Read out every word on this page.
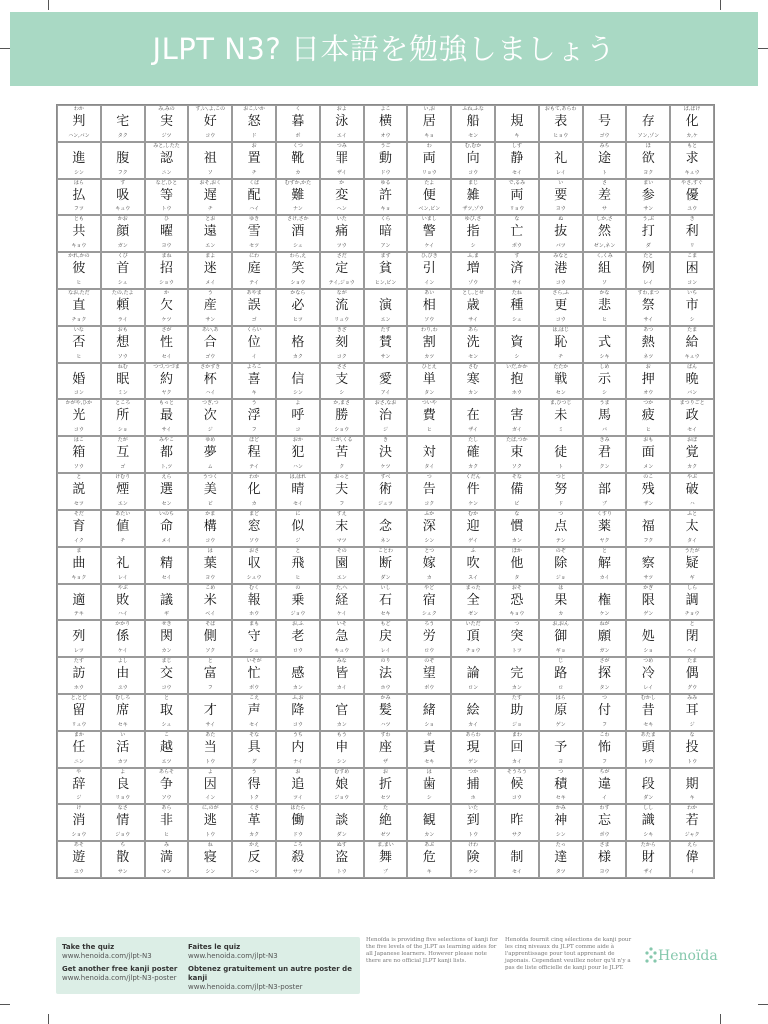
JLPT N3? 日本語を勉強しましょう
わか
判
ハン,バン
宅
タク
み,みの
実
ジツ
す,い,よ,この
好
コウ
おこ,いか
怒
ド
く
暮
ボ
およ
泳
エイ
よこ
横
オウ
い,お
居
キョ
ふね,ふな
船
セン
規
キ
おもて,あらわ
表
ヒョウ
号
ゴウ
存
ソン,ゾン
ば,ばけ
化
カ,ケ
進
シン
腹
フク
みと,したた
認
ニン
祖
ソ
お
置
チ
くつ
靴
カ
つみ
罪
ザイ
うご
動
ドウ
わ
両
リョウ
む,むか
向
コウ
しず
静
セイ
礼
レイ
みち
途
ト
ほ
欲
ヨク
もと
求
キュウ
はら
払
フツ
す
吸
キュウ
など,ひと
等
トウ
おそ,おく
遅
チ
くば
配
ハイ
むずか,かた
難
ナン
か
変
ヘン
ゆる
許
キョ
たよ
便
ベン,ビン
まじ
雑
ザツ,ゾウ
で,るみ
両
リョウ
い
要
ヨウ
さ
差
サ
まい
参
サン
やさ,すぐ
優
ユウ
とも
共
キョウ
かお
顔
ガン
ひ
曜
ヨウ
とお
遠
エン
ゆき
雪
セツ
さけ,さか
酒
シュ
いた
痛
ツウ
くら
暗
アン
いまし
警
ケイ
ゆび,さ
指
シ
な
亡
ボウ
ぬ
抜
バツ
しか,さ
然
ゼン,ネン
う,ぶ
打
ダ
き
利
リ
かれ,かの
彼
ヒ
くび
首
シュ
まね
招
ショウ
まよ
迷
メイ
にわ
庭
テイ
わら,え
笑
ショウ
さだ
定
テイ,ジョウ
まず
貧
ヒン,ビン
ひ,びき
引
イン
ふ,ま
増
ゾウ
す
済
サイ
みなと
港
コウ
く,くみ
組
ソ
たと
例
レイ
こま
困
コン
なお,ただ
直
チョク
たの,たよ
頼
ライ
か
欠
ケツ
う
産
サン
あやま
誤
ゴ
かなら
必
ヒツ
なが
流
リュウ
演
エン
あい
相
ソウ
とし,とせ
歳
サイ
たね
種
シュ
さら,ふ
更
コウ
かな
悲
ヒ
すわ,まつ
祭
サイ
いち
市
シ
いな
否
ヒ
おも
想
ソウ
さが
性
セイ
あい,あ
合
ゴウ
くらい
位
イ
格
カク
きざ
刻
コク
たす
賛
サン
わり,わ
割
カツ
あら
洗
セン
資
シ
は,はじ
恥
チ
式
シキ
あつ
熱
ネツ
たま
給
キュウ
婚
コン
ねむ
眠
ミン
つづ,つづま
約
ヤク
さかずき
杯
ハイ
よろこ
喜
キ
信
シン
ささ
支
シ
愛
アイ
ひとえ
単
タン
さむ
寒
カン
いだ,かか
抱
ホウ
たたか
戦
セン
しめ
示
シ
お
押
オウ
ばん
晩
バン
かがや,ひか
光
コウ
ところ
所
ショ
もっと
最
サイ
つぎ,つ
次
ジ
う
浮
フ
よ
呼
コ
か,まさ
勝
ショウ
おさ,なお
治
ジ
ついや
費
ヒ
在
ザイ
害
ガイ
ま,ひつじ
未
ミ
うま
馬
バ
つか
疲
ヒ
まつりごと
政
セイ
はこ
箱
ソウ
たが
互
ゴ
みやこ
都
ト,ツ
ゆめ
夢
ム
ほど
程
テイ
おか
犯
ハン
にが,くる
苦
ク
き
決
ケツ
対
タイ
たし
確
カク
たば,つか
束
ソク
徒
ト
きみ
君
クン
おも
面
メン
おぼ
覚
カク
と
説
セツ
けむり
煙
エン
えら
選
セン
うつく
美
ビ
わか
化
カ
は,はれ
晴
セイ
おっと
夫
フ
すべ
術
ジュツ
つ
告
コク
くだん
件
ケン
そな
備
ビ
つと
努
ド
部
ブ
のこ
残
ザン
やぶ
破
ハ
そだ
育
イク
あたい
値
チ
いのち
命
メイ
かま
構
コウ
まど
窓
ソウ
に
似
ジ
すえ
末
マツ
念
ネン
ふか
深
シン
むか
迎
ゲイ
な
慣
カン
つ
点
テン
くすり
薬
ヤク
福
フク
ふと
太
タイ
ま
曲
キョク
礼
レイ
精
セイ
は
葉
ヨウ
おさ
収
シュウ
と
飛
ヒ
その
園
エン
ことわ
断
ダン
とつ
嫁
カ
ふ
吹
スイ
ほか
他
タ
のぞ
除
ジョ
と
解
カイ
察
サツ
うたが
疑
ギ
適
テキ
やぶ
敗
ハイ
議
ギ
こめ
米
ベイ
むく
報
ホウ
の
乗
ジョウ
た,へ
経
ケイ
いし
石
セキ
やど
宿
シュク
まった
全
ゼン
おそ
恐
キョウ
は
果
カ
権
ケン
かぎ
限
ゲン
しら
調
チョウ
列
レツ
かかり
係
ケイ
せき
関
カン
そば
側
ソク
まも
守
シュ
お,ふ
老
ロウ
いそ
急
キュウ
もど
戻
レイ
ろう
労
ロウ
いただ
頂
チョウ
つ
突
トツ
お,おん
御
ギョ
ねが
願
ガン
処
ショ
と
閉
ヘイ
たず
訪
ホウ
よし
由
ユウ
まじ
交
コウ
と
富
フ
いそが
忙
ボウ
感
カン
みな
皆
カイ
のり
法
ホウ
のぞ
望
ボウ
論
ロン
完
カン
じ
路
ロ
さが
探
タン
つめ
冷
レイ
たま
偶
グウ
と,とど
留
リュウ
むしろ
席
セキ
と
取
シュ
才
サイ
こえ
声
セイ
ふ,お
降
コウ
官
カン
かみ
髪
ハツ
緒
ショ
絵
カイ
たす
助
ジョ
はら
原
ゲン
つ
付
フ
むかし
昔
セキ
みみ
耳
ジ
まか
任
ニン
い
活
カツ
こ
越
エツ
あた
当
トウ
そな
具
グ
うち
内
ナイ
もう
申
シン
すわ
座
ザ
せ
責
セキ
あらわ
現
ゲン
まわ
回
カイ
予
ヨ
こわ
怖
フ
あたま
頭
トウ
な
投
トウ
や
辞
ジ
よ
良
リョウ
あらそ
争
ソウ
よ
因
イン
う
得
トク
お
追
ツイ
むすめ
娘
ジョウ
お
折
セツ
は
歯
シ
つか
捕
ホ
そうろう
候
コウ
つ
積
セキ
ちが
違
イ
段
ダン
期
キ
け
消
ショウ
なさ
情
ジョウ
あら
非
ヒ
に,のが
逃
トウ
くさ
革
カク
はたら
働
ドウ
談
ダン
た
絶
ゼツ
観
カン
いた
到
トウ
昨
サク
かみ
神
シン
わす
忘
ボウ
しし
識
シキ
わか
若
ジャク
あそ
遊
ユウ
ち
散
サン
み
満
マン
ね
寝
シン
かえ
反
ハン
ころ
殺
サツ
ぬす
盗
トウ
ま,まい
舞
ブ
あぶ
危
キ
けわ
険
ケン
制
セイ
たっ
達
タツ
さま
様
ヨウ
たから
財
ザイ
えら
偉
イ
Take the quiz
www.henoida.com/jlpt-N3
Get another free kanji poster
www.henoida.com/jlpt-N3-poster
Faites le quiz
www.henoida.com/jlpt-N3
Obtenez gratuitement un autre poster de kanji
www.henoida.com/jlpt-N3-poster
Henoïda is providing five selections of kanji for the five levels of the JLPT as learning aides for all Japanese learners. However please note there are no official JLPT kanji lists.
Henoïda fournit cinq sélections de kanji pour les cinq niveaux du JLPT comme aide à l'apprentissage pour tout apprenant de japonais. Cependant veuillez noter qu'il n'y a pas de liste officielle de kanji pour le JLPT.
Henoïda
